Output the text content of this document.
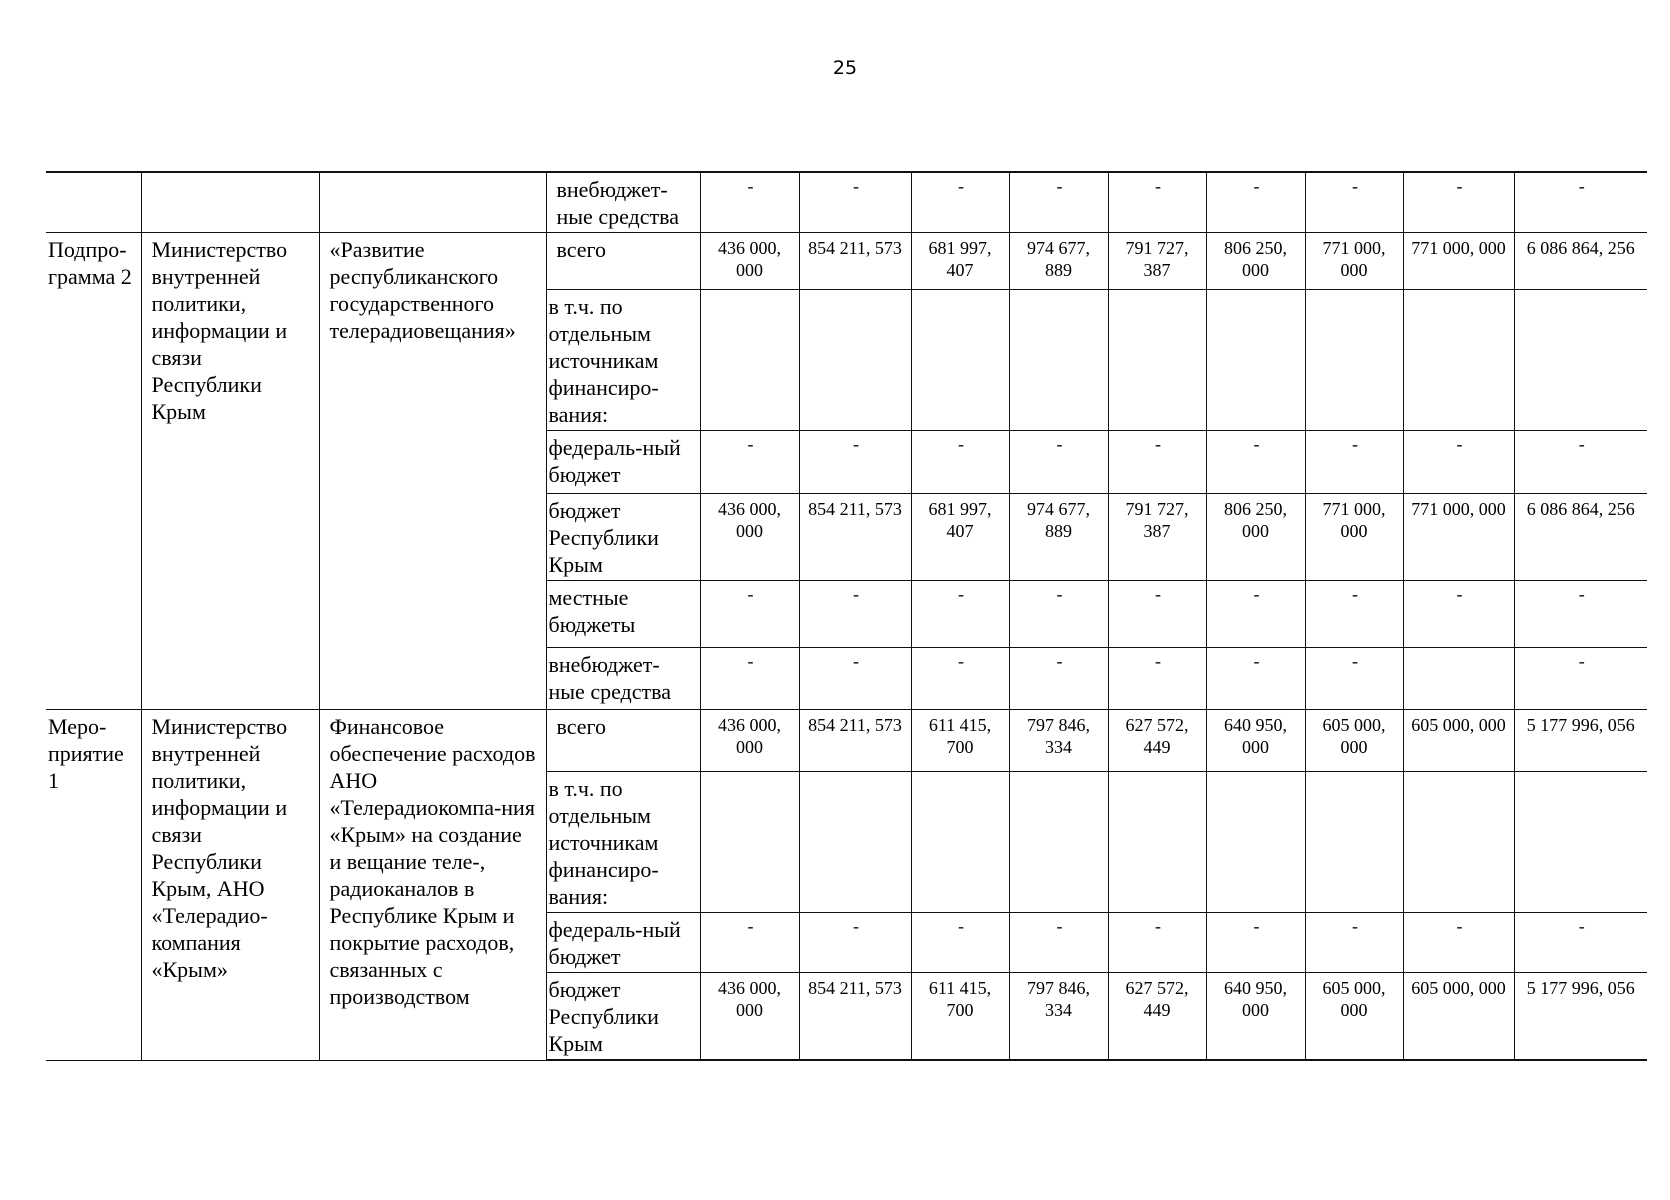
25
			внебюджет-ные средства	-	-	-	-	-	-	-	-	-
Подпро-грамма 2	Министерство внутренней политики, информации и связи Республики Крым	«Развитие республиканского государственного телерадиовещания»	всего	436 000, 000	854 211, 573	681 997, 407	974 677, 889	791 727, 387	806 250, 000	771 000, 000	771 000, 000	6 086 864, 256
			в т.ч. по отдельным источникам финансиро-вания:									
			федераль-ный бюджет	-	-	-	-	-	-	-	-	-
			бюджет Республики Крым	436 000, 000	854 211, 573	681 997, 407	974 677, 889	791 727, 387	806 250, 000	771 000, 000	771 000, 000	6 086 864, 256
			местные бюджеты	-	-	-	-	-	-	-	-	-
			внебюджет-ные средства	-	-	-	-	-	-	-		-
Меро-приятие 1	Министерство внутренней политики, информации и связи Республики Крым, АНО «Телерадио-компания «Крым»	Финансовое обеспечение расходов АНО «Телерадиокомпа-ния «Крым» на создание и вещание теле-, радиоканалов в Республике Крым и покрытие расходов, связанных с производством	всего	436 000, 000	854 211, 573	611 415, 700	797 846, 334	627 572, 449	640 950, 000	605 000, 000	605 000, 000	5 177 996, 056
			в т.ч. по отдельным источникам финансиро-вания:									
			федераль-ный бюджет	-	-	-	-	-	-	-	-	-
			бюджет Республики Крым	436 000, 000	854 211, 573	611 415, 700	797 846, 334	627 572, 449	640 950, 000	605 000, 000	605 000, 000	5 177 996, 056
